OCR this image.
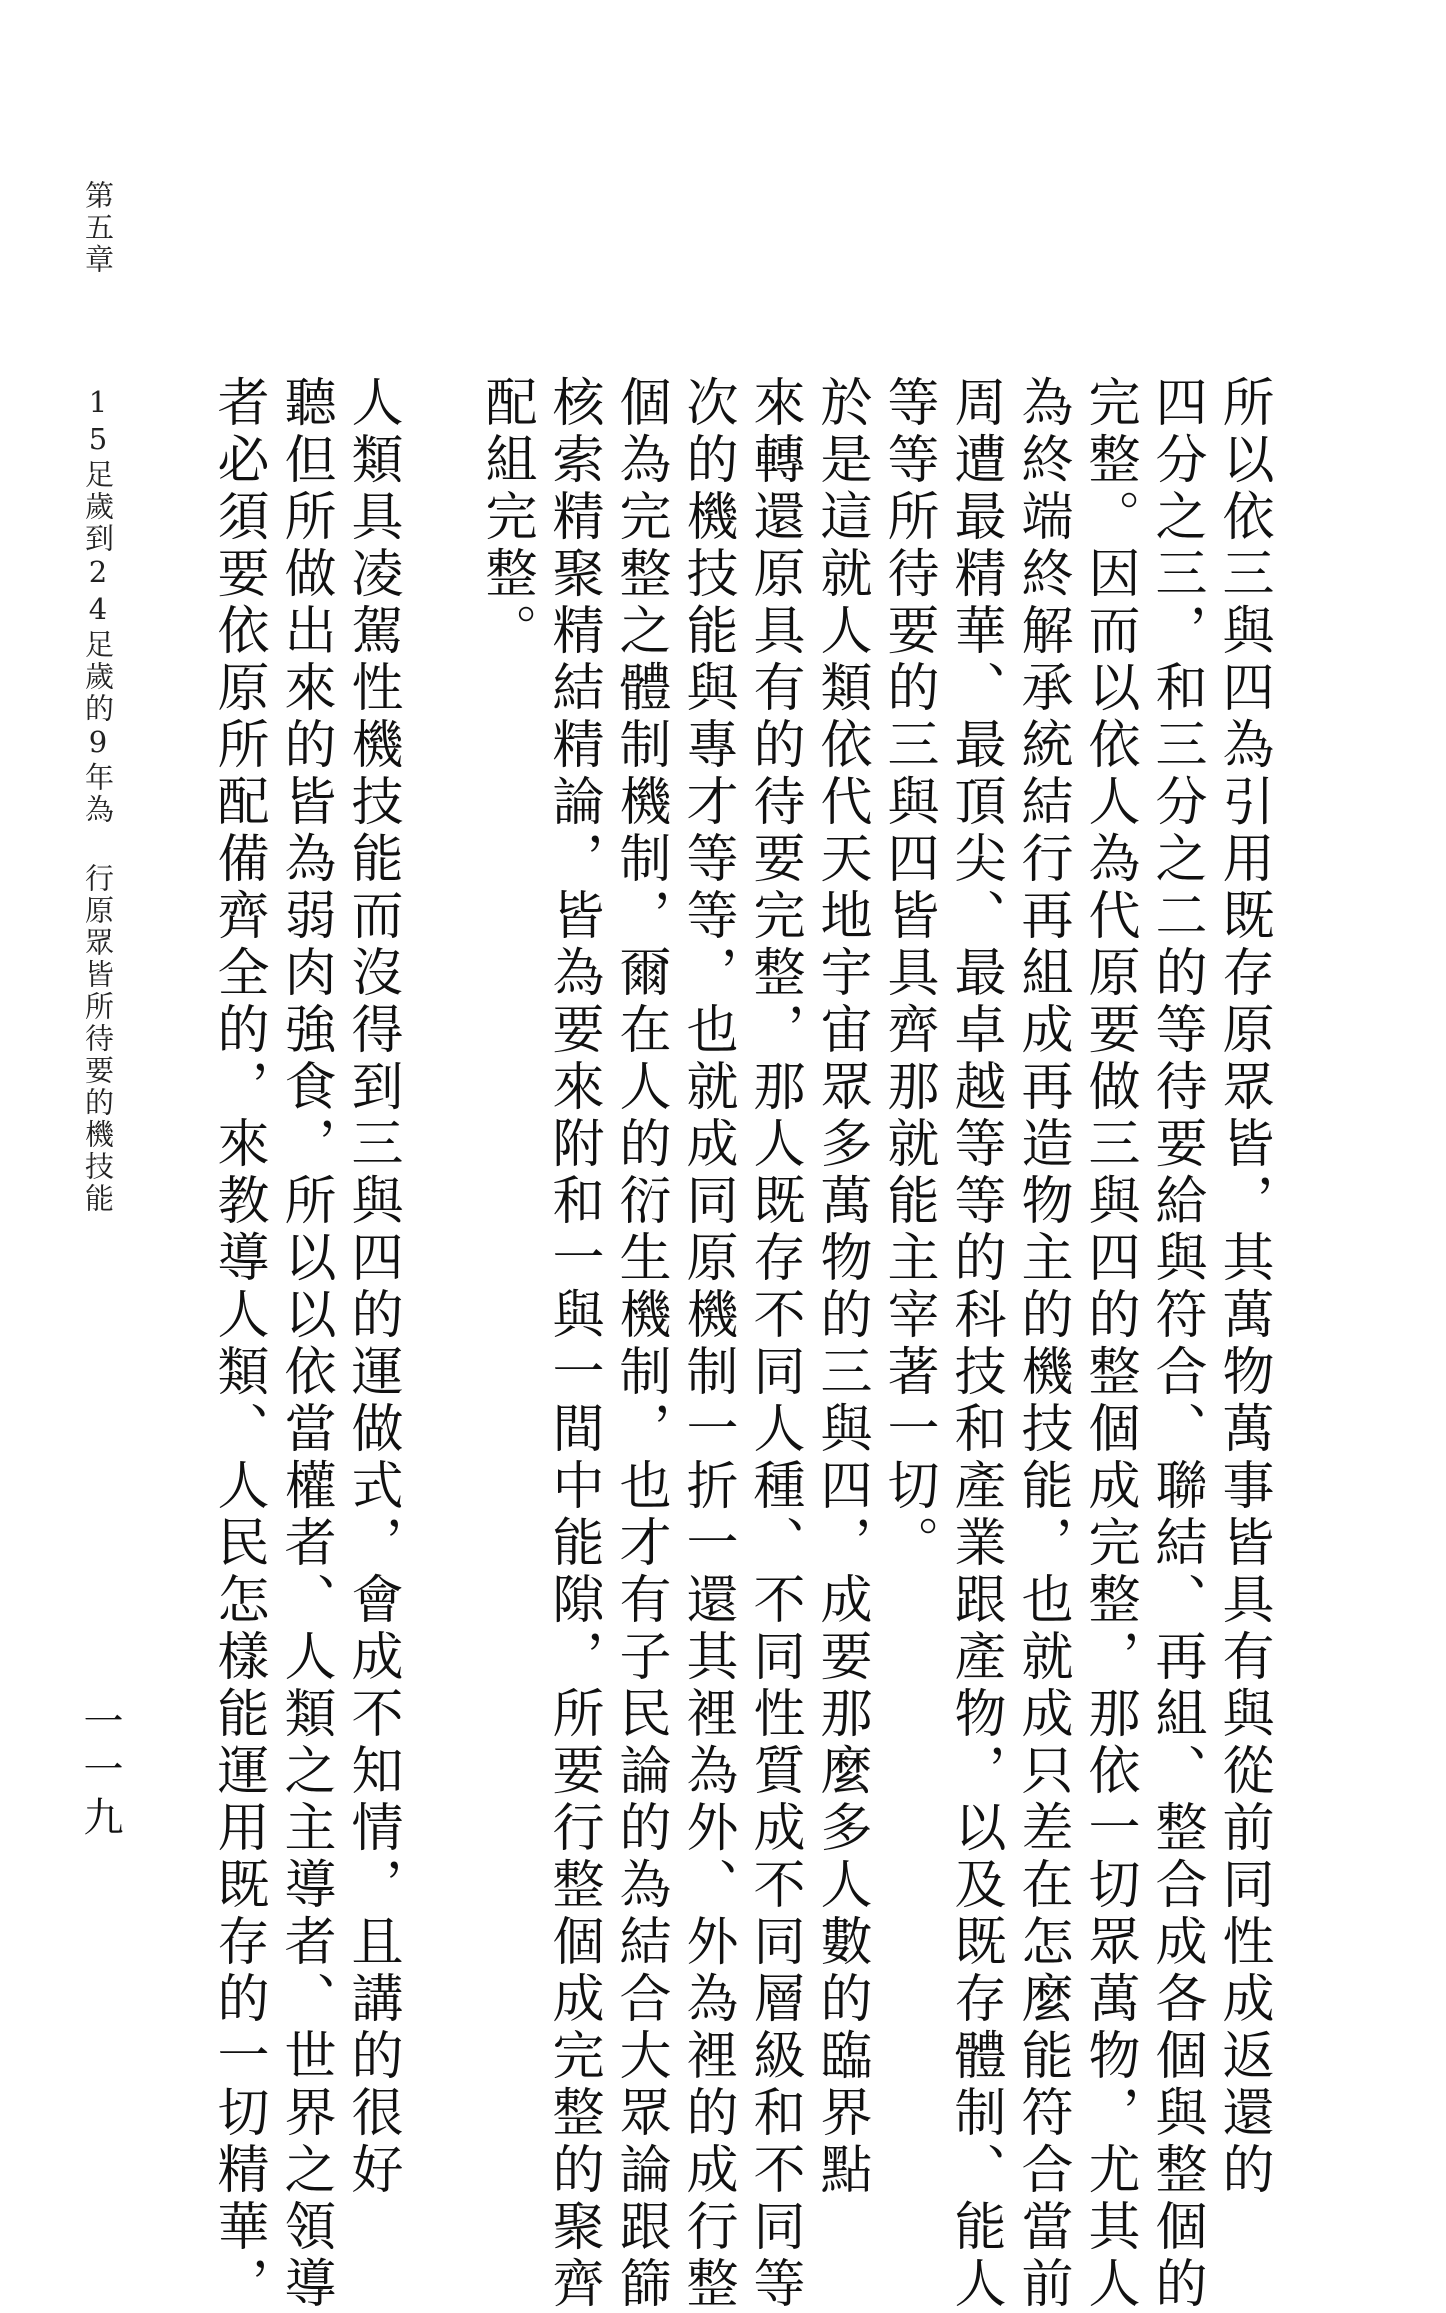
第五章 15足歲到24足歲的9年為 行原眾皆所待要的機技能
一一九	所以依三與四為引用既存原眾皆，其萬物萬事皆具有與從前同性成返還的
四分之三，和三分之二的等待要給與符合、聯結、再組、整合成各個與整個的
完整。因而以依人為代原要做三與四的整個成完整，那依一切眾萬物，尤其人
為終端終解承統結行再組成再造物主的機技能，也就成只差在怎麼能符合當前
周遭最精華、最頂尖、最卓越等等的科技和產業跟產物，以及既存體制、能人
等等所待要的三與四皆具齊那就能主宰著一切。
於是這就人類依代天地宇宙眾多萬物的三與四，成要那麼多人數的臨界點
來轉還原具有的待要完整，那人既存不同人種、不同性質成不同層級和不同等
次的機技能與專才等等，也就成同原機制一折一還其裡為外、外為裡的成行整
個為完整之體制機制，爾在人的衍生機制，也才有子民論的為結合大眾論跟篩
核索精聚精結精論，皆為要來附和一與一間中能隙，所要行整個成完整的聚齊
配組完整。
人類具凌駕性機技能而沒得到三與四的運做式，會成不知情，且講的很好
聽但所做出來的皆為弱肉強食，所以以依當權者、人類之主導者、世界之領導
者必須要依原所配備齊全的，來教導人類、人民怎樣能運用既存的一切精華，
